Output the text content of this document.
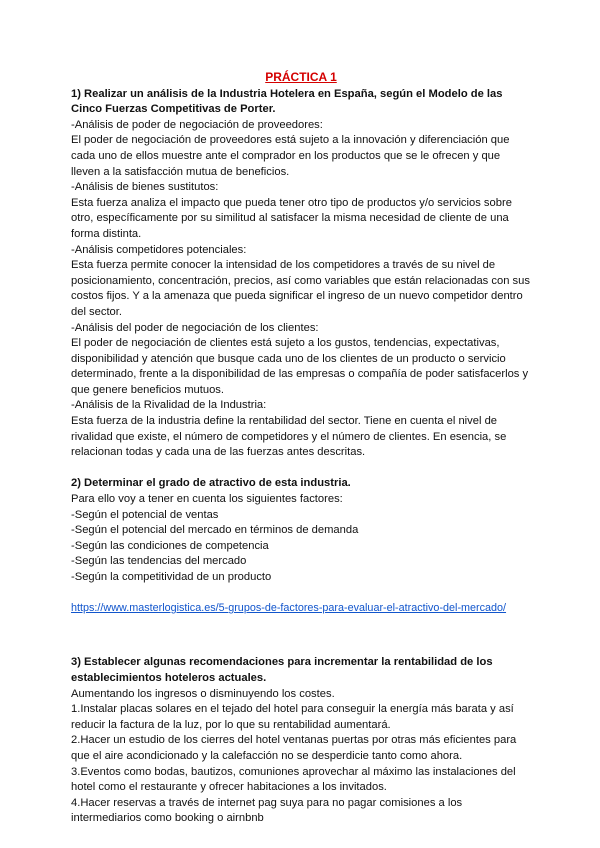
PRÁCTICA 1

1) Realizar un análisis de la Industria Hotelera en España, según el Modelo de las Cinco Fuerzas Competitivas de Porter.

-Análisis de poder de negociación de proveedores:

El poder de negociación de proveedores está sujeto a la innovación y diferenciación que cada uno de ellos muestre ante el comprador en los productos que se le ofrecen y que lleven a la satisfacción mutua de beneficios.

-Análisis de bienes sustitutos:

Esta fuerza analiza el impacto que pueda tener otro tipo de productos y/o servicios sobre otro, específicamente por su similitud al satisfacer la misma necesidad de cliente de una forma distinta.

-Análisis competidores potenciales:

Esta fuerza permite conocer la intensidad de los competidores a través de su nivel de posicionamiento, concentración, precios, así como variables que están relacionadas con sus costos fijos. Y a la amenaza que pueda significar el ingreso de un nuevo competidor dentro del sector.

-Análisis del poder de negociación de los clientes:

El poder de negociación de clientes está sujeto a los gustos, tendencias, expectativas, disponibilidad y atención que busque cada uno de los clientes de un producto o servicio determinado, frente a la disponibilidad de las empresas o compañía de poder satisfacerlos y que genere beneficios mutuos.

-Análisis de la Rivalidad de la Industria:

Esta fuerza de la industria define la rentabilidad del sector. Tiene en cuenta el nivel de rivalidad que existe, el número de competidores y el número de clientes. En esencia, se relacionan todas y cada una de las fuerzas antes descritas.

2) Determinar el grado de atractivo de esta industria.

Para ello voy a tener en cuenta los siguientes factores:

-Según el potencial de ventas

-Según el potencial del mercado en términos de demanda

-Según las condiciones de competencia

-Según las tendencias del mercado

-Según la competitividad de un producto

https://www.masterlogistica.es/5-grupos-de-factores-para-evaluar-el-atractivo-del-mercado/

3) Establecer algunas recomendaciones para incrementar la rentabilidad de los establecimientos hoteleros actuales.

Aumentando los ingresos o disminuyendo los costes.

1.Instalar placas solares en el tejado del hotel para conseguir la energía más barata y así reducir la factura de la luz, por lo que su rentabilidad aumentará.

2.Hacer un estudio de los cierres del hotel ventanas puertas por otras más eficientes para que el aire acondicionado y la calefacción no se desperdicie tanto como ahora.

3.Eventos como bodas, bautizos, comuniones aprovechar al máximo las instalaciones del hotel como el restaurante y ofrecer habitaciones a los invitados.

4.Hacer reservas a través de internet pag suya para no pagar comisiones a los intermediarios como booking o airnbnb
